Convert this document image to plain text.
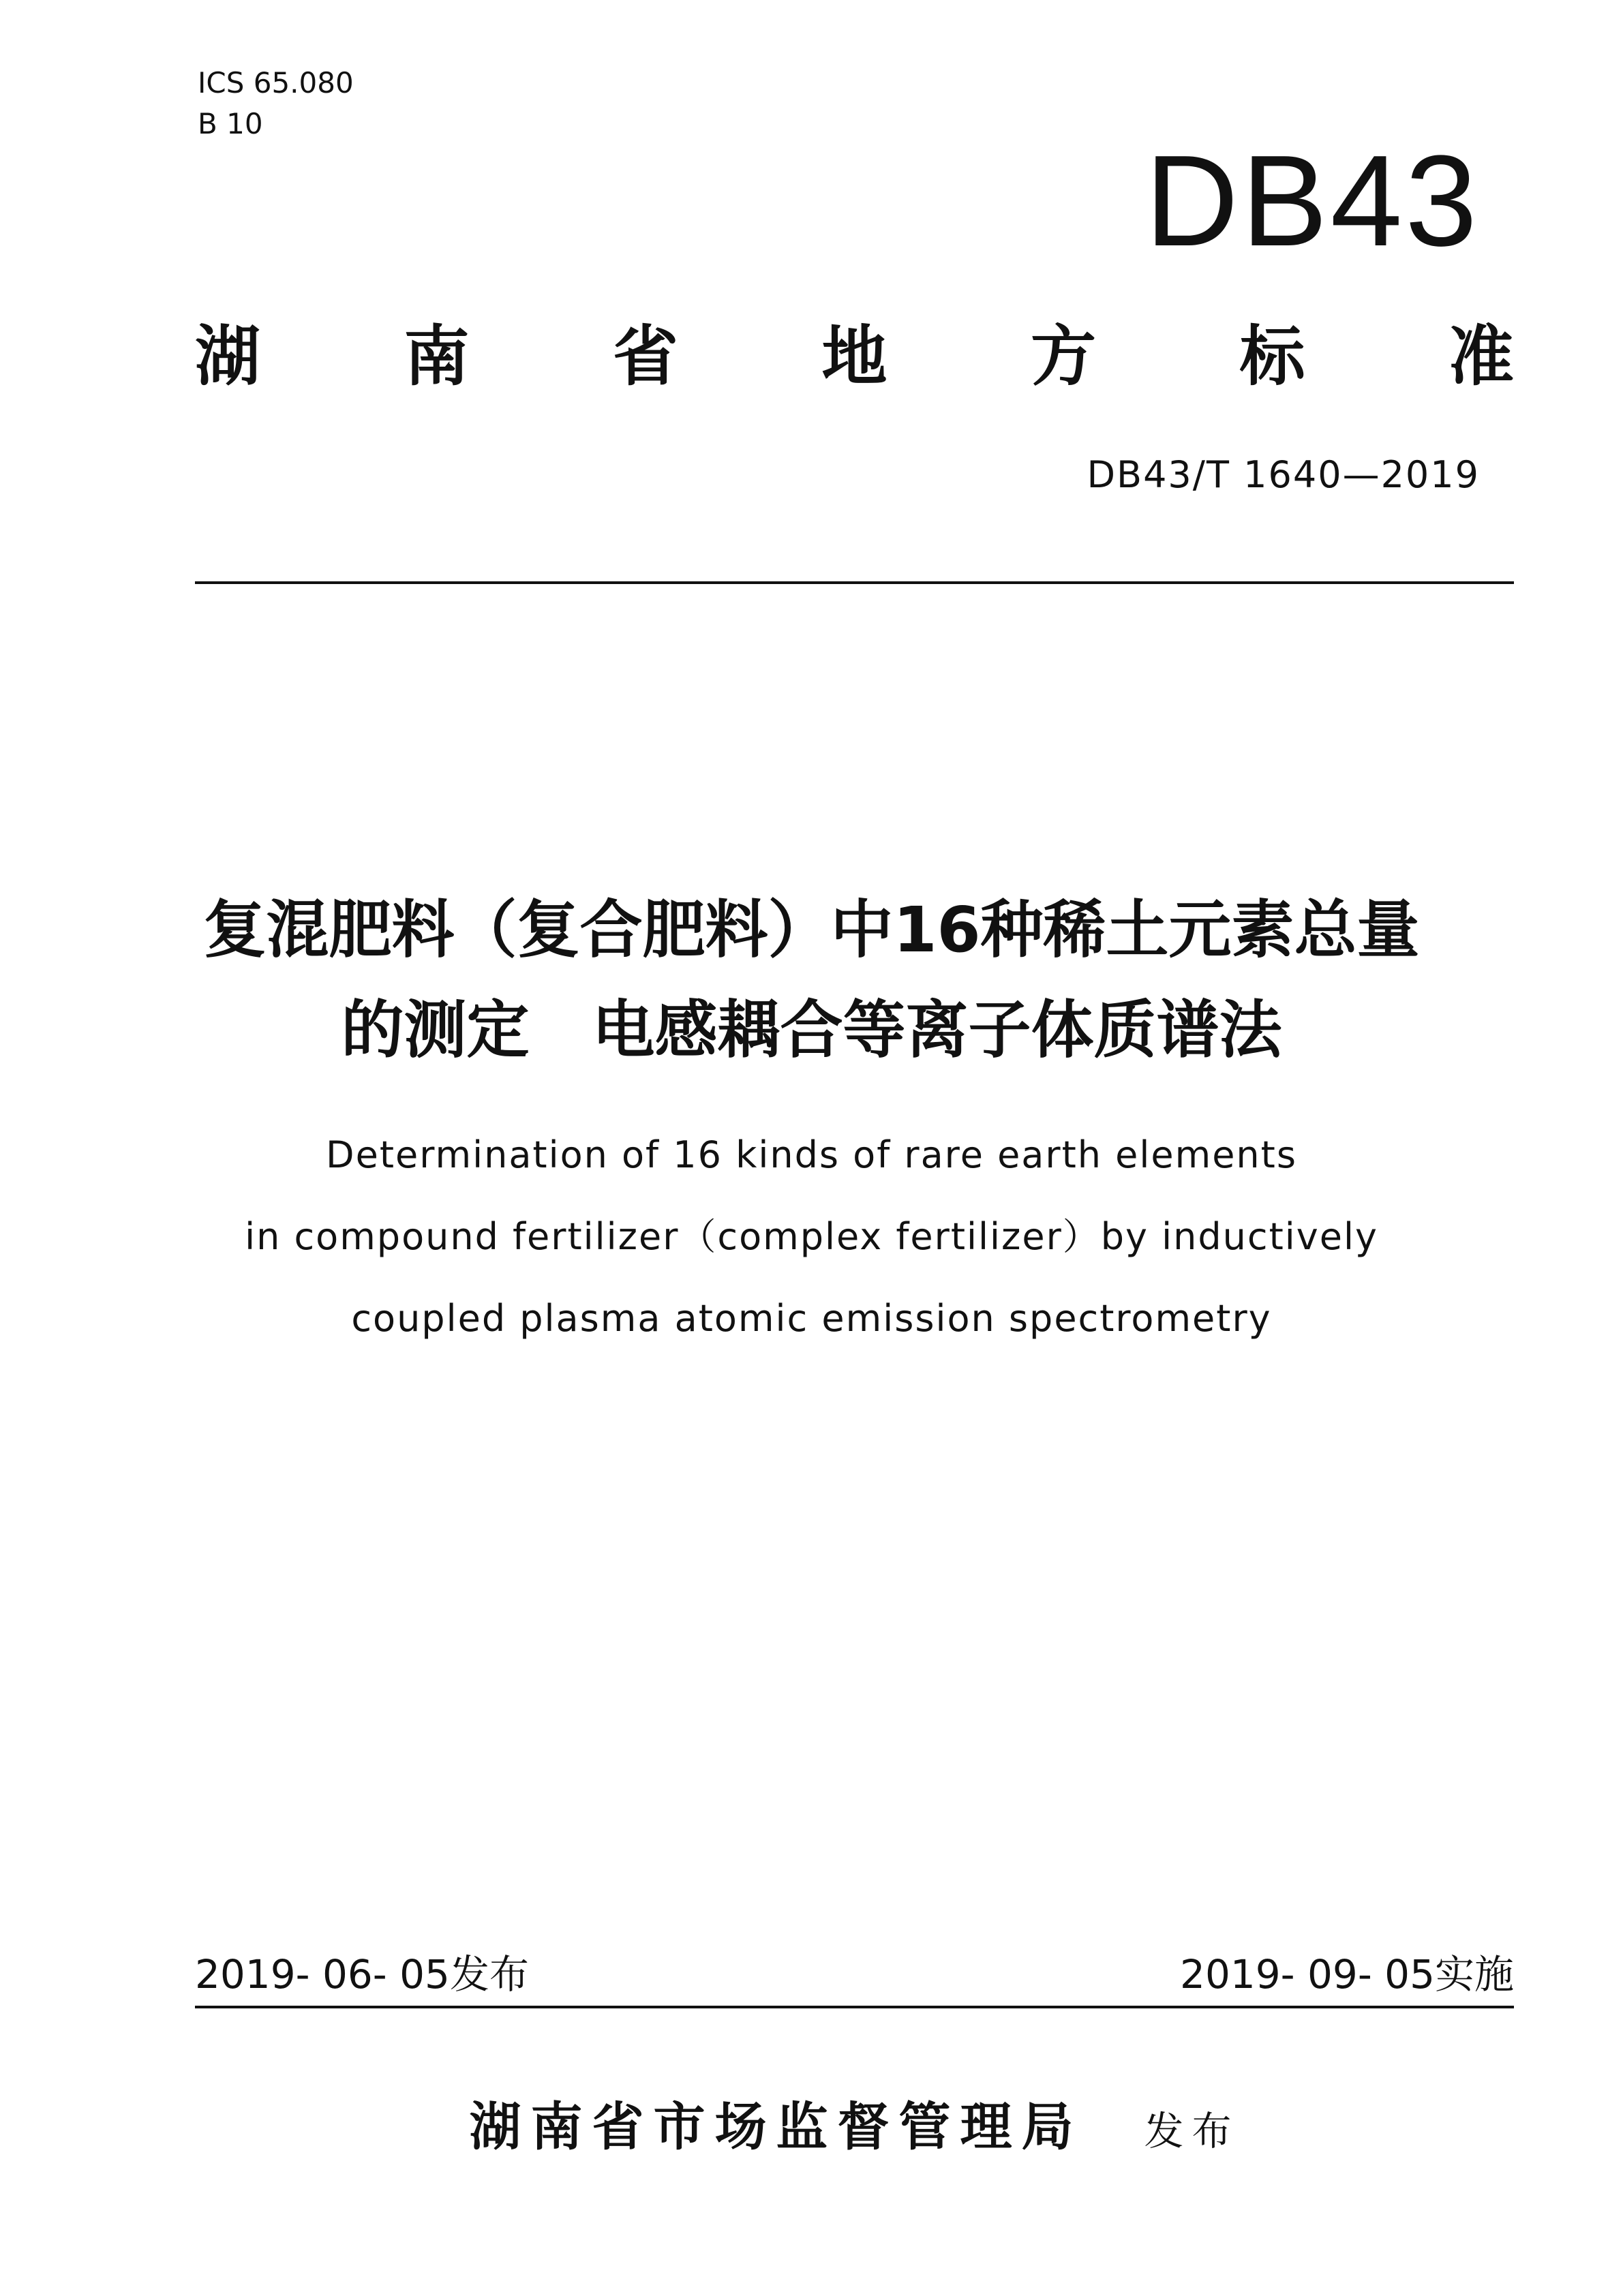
ICS 65.080
B 10
DB43
湖 南 省 地 方 标 准
DB43/T 1640—2019
复混肥料（复合肥料）中16种稀土元素总量
的测定　电感耦合等离子体质谱法
Determination of 16 kinds of rare earth elements
in compound fertilizer（complex fertilizer）by inductively
coupled plasma atomic emission spectrometry
2019- 06- 05发布	2019- 09- 05实施
湖南省市场监督管理局 发布
